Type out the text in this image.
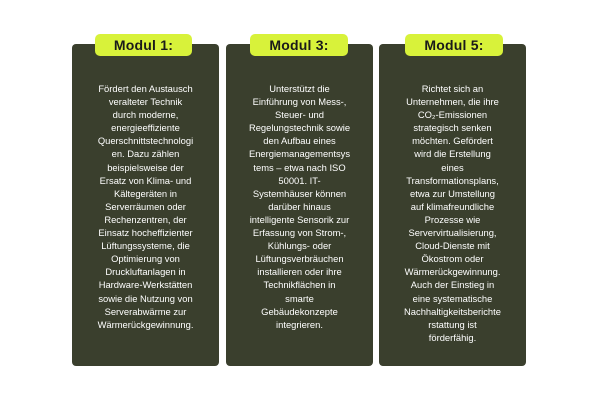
Fördert den Austausch
veralteter Technik
durch moderne,
energieeffiziente
Querschnittstechnologi
en. Dazu zählen
beispielsweise der
Ersatz von Klima- und
Kältegeräten in
Serverräumen oder
Rechenzentren, der
Einsatz hocheffizienter
Lüftungssysteme, die
Optimierung von
Druckluftanlagen in
Hardware-Werkstätten
sowie die Nutzung von
Serverabwärme zur
Wärmerückgewinnung.
Modul 1:
Unterstützt die
Einführung von Mess-,
Steuer- und
Regelungstechnik sowie
den Aufbau eines
Energiemanagementsys
tems – etwa nach ISO
50001. IT-
Systemhäuser können
darüber hinaus
intelligente Sensorik zur
Erfassung von Strom-,
Kühlungs- oder
Lüftungsverbräuchen
installieren oder ihre
Technikflächen in
smarte
Gebäudekonzepte
integrieren.
Modul 3:
Richtet sich an
Unternehmen, die ihre
CO₂-Emissionen
strategisch senken
möchten. Gefördert
wird die Erstellung
eines
Transformationsplans,
etwa zur Umstellung
auf klimafreundliche
Prozesse wie
Servervirtualisierung,
Cloud-Dienste mit
Ökostrom oder
Wärmerückgewinnung.
Auch der Einstieg in
eine systematische
Nachhaltigkeitsberichte
rstattung ist
förderfähig.
Modul 5:
